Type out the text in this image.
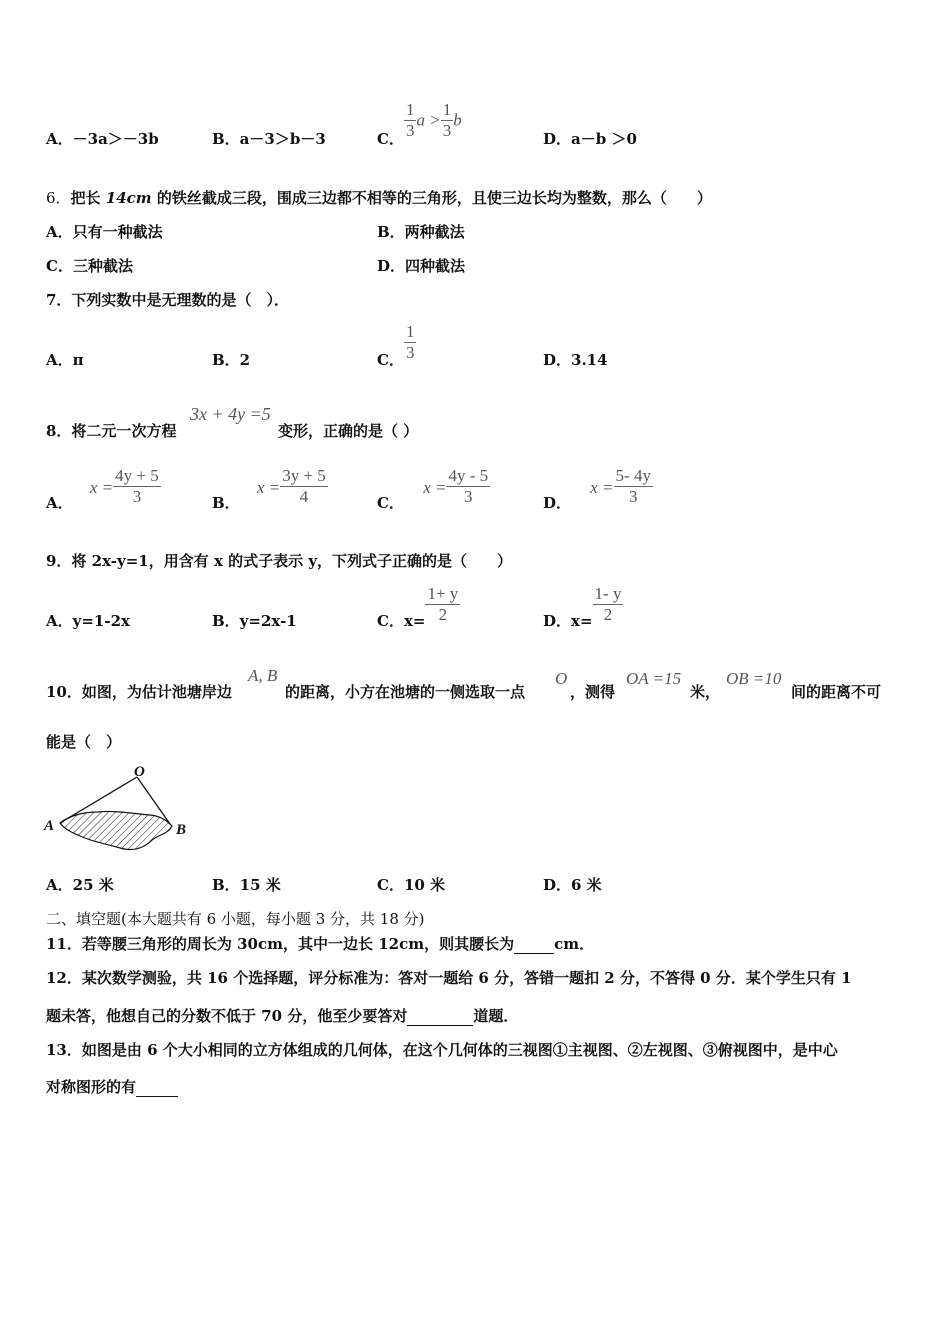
A．－3a＞－3b	B．a－3＞b－3	C． $\frac{1}{3}$ $a > \frac{1}{3}$ b
D．a－b ＞0
6．把长 14cm 的铁丝截成三段，围成三边都不相等的三角形，且使三边长均为整数，那么（　　）
A．只有一种截法	B．两种截法
C．三种截法	D．四种截法
7．下列实数中是无理数的是（　）．
A．π	B．2	C． $\frac{1}{3}$	D．3.14
8．将二元一次方程
3x + 4y =5
变形，正确的是（ ）
A． $x = \frac{4y + 5}{3}$	B． $x = \frac{3y + 5}{4}$	C． $x = \frac{4y - 5}{3}$	D． $x = \frac{5- 4y}{3}$
9．将 2x-y=1，用含有 x 的式子表示 y，下列式子正确的是（　　）
A．y=1-2x	B．y=2x-1	C．$x= \frac{1+ y}{2}$	D．$x= \frac{1- y}{2}$
10．如图，为估计池塘岸边
A, B
的距离，小方在池塘的一侧选取一点
O
，测得
OA =15
米，
OB =10
间的距离不可
能是（　）
O
A	B
A．25 米	B．15 米	C．10 米	D．6 米
二、填空题(本大题共有 6 小题，每小题 3 分，共 18 分)
11．若等腰三角形的周长为 30cm，其中一边长 12cm，则其腰长为	cm．
12．某次数学测验，共 16 个选择题，评分标准为：答对一题给 6 分，答错一题扣 2 分，不答得 0 分．某个学生只有 1
题未答，他想自己的分数不低于 70 分，他至少要答对	道题．
13．如图是由 6 个大小相同的立方体组成的几何体，在这个几何体的三视图①主视图、②左视图、③俯视图中，是中心
对称图形的有
